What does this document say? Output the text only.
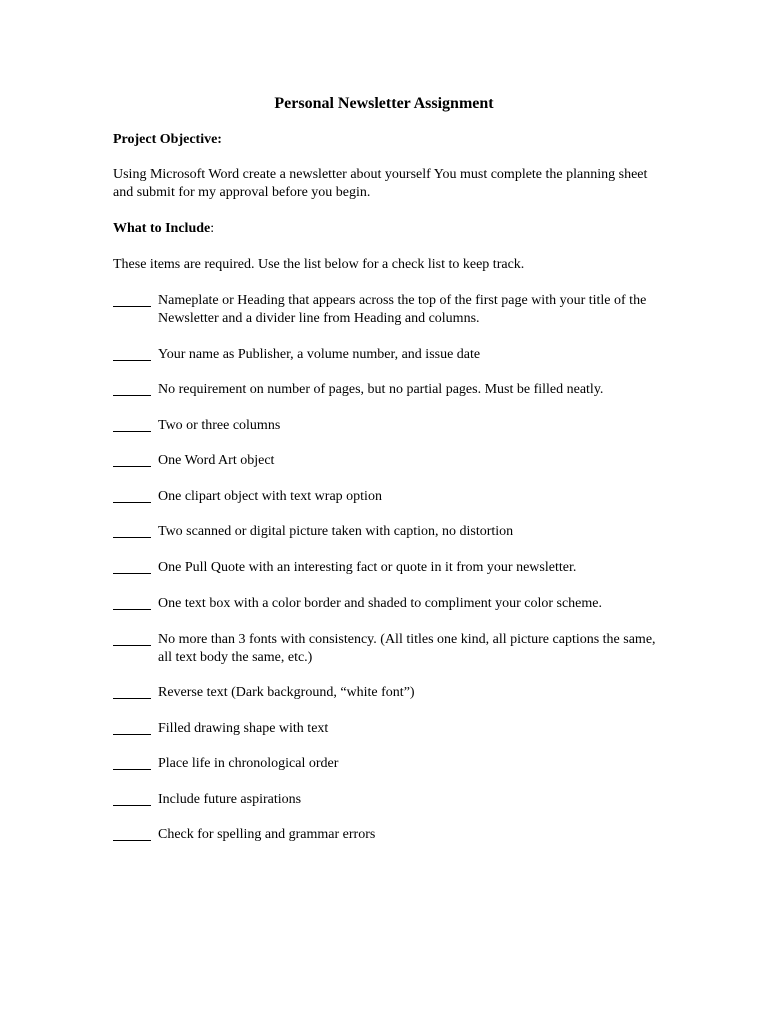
Personal Newsletter Assignment
Project Objective:
Using Microsoft Word create a newsletter about yourself You must complete the planning sheet and submit for my approval before you begin.
What to Include:
These items are required. Use the list below for a check list to keep track.
Nameplate or Heading that appears across the top of the first page with your title of the Newsletter and a divider line from Heading and columns.
Your name as Publisher, a volume number, and issue date
No requirement on number of pages, but no partial pages. Must be filled neatly.
Two or three columns
One Word Art object
One clipart object with text wrap option
Two scanned or digital picture taken with caption, no distortion
One Pull Quote with an interesting fact or quote in it from your newsletter.
One text box with a color border and shaded to compliment your color scheme.
No more than 3 fonts with consistency. (All titles one kind, all picture captions the same, all text body the same, etc.)
Reverse text (Dark background, “white font”)
Filled drawing shape with text
Place life in chronological order
Include future aspirations
Check for spelling and grammar errors
